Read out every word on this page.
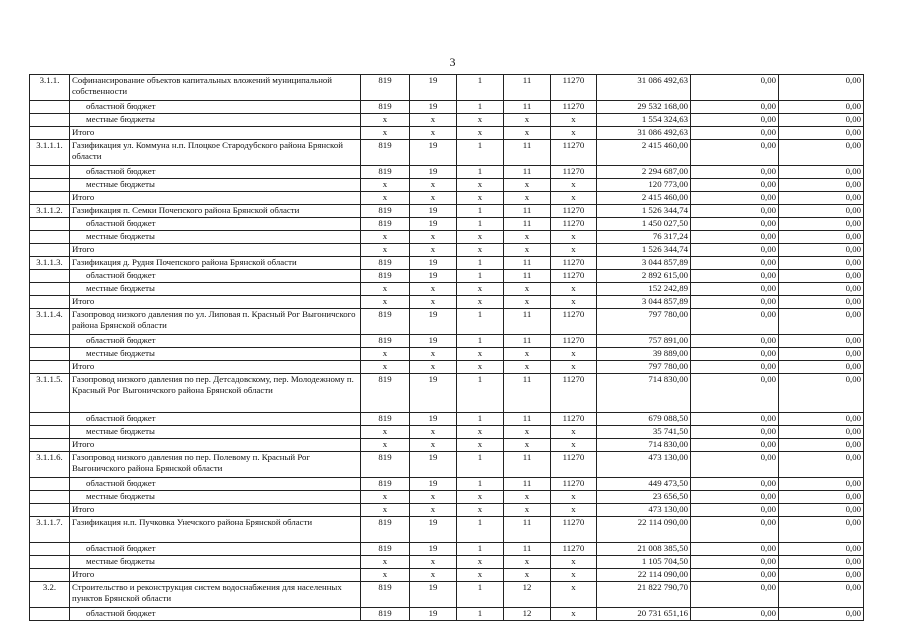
3
3.1.1.	Софинансирование объектов капитальных вложений муниципальной собственности	819	19	1	11	11270	31 086 492,63	0,00	0,00
	областной бюджет	819	19	1	11	11270	29 532 168,00	0,00	0,00
	местные бюджеты	х	х	х	х	х	1 554 324,63	0,00	0,00
	Итого	х	х	х	х	х	31 086 492,63	0,00	0,00
3.1.1.1.	Газификация ул. Коммуна н.п. Плоцкое Стародубского района Брянской области	819	19	1	11	11270	2 415 460,00	0,00	0,00
	областной бюджет	819	19	1	11	11270	2 294 687,00	0,00	0,00
	местные бюджеты	х	х	х	х	х	120 773,00	0,00	0,00
	Итого	х	х	х	х	х	2 415 460,00	0,00	0,00
3.1.1.2.	Газификация п. Семки Почепского района Брянской области	819	19	1	11	11270	1 526 344,74	0,00	0,00
	областной бюджет	819	19	1	11	11270	1 450 027,50	0,00	0,00
	местные бюджеты	х	х	х	х	х	76 317,24	0,00	0,00
	Итого	х	х	х	х	х	1 526 344,74	0,00	0,00
3.1.1.3.	Газификация д. Рудня Почепского района Брянской области	819	19	1	11	11270	3 044 857,89	0,00	0,00
	областной бюджет	819	19	1	11	11270	2 892 615,00	0,00	0,00
	местные бюджеты	х	х	х	х	х	152 242,89	0,00	0,00
	Итого	х	х	х	х	х	3 044 857,89	0,00	0,00
3.1.1.4.	Газопровод низкого давления по ул. Липовая п. Красный Рог Выгоничского района Брянской области	819	19	1	11	11270	797 780,00	0,00	0,00
	областной бюджет	819	19	1	11	11270	757 891,00	0,00	0,00
	местные бюджеты	х	х	х	х	х	39 889,00	0,00	0,00
	Итого	х	х	х	х	х	797 780,00	0,00	0,00
3.1.1.5.	Газопровод низкого давления по пер. Детсадовскому, пер. Молодежному п. Красный Рог Выгоничского района Брянской области	819	19	1	11	11270	714 830,00	0,00	0,00
	областной бюджет	819	19	1	11	11270	679 088,50	0,00	0,00
	местные бюджеты	х	х	х	х	х	35 741,50	0,00	0,00
	Итого	х	х	х	х	х	714 830,00	0,00	0,00
3.1.1.6.	Газопровод низкого давления по пер. Полевому п. Красный Рог Выгоничского района Брянской области	819	19	1	11	11270	473 130,00	0,00	0,00
	областной бюджет	819	19	1	11	11270	449 473,50	0,00	0,00
	местные бюджеты	х	х	х	х	х	23 656,50	0,00	0,00
	Итого	х	х	х	х	х	473 130,00	0,00	0,00
3.1.1.7.	Газификация н.п. Пучковка Унечского района Брянской области	819	19	1	11	11270	22 114 090,00	0,00	0,00
	областной бюджет	819	19	1	11	11270	21 008 385,50	0,00	0,00
	местные бюджеты	х	х	х	х	х	1 105 704,50	0,00	0,00
	Итого	х	х	х	х	х	22 114 090,00	0,00	0,00
3.2.	Строительство и реконструкция систем водоснабжения для населенных пунктов Брянской области	819	19	1	12	х	21 822 790,70	0,00	0,00
	областной бюджет	819	19	1	12	х	20 731 651,16	0,00	0,00
